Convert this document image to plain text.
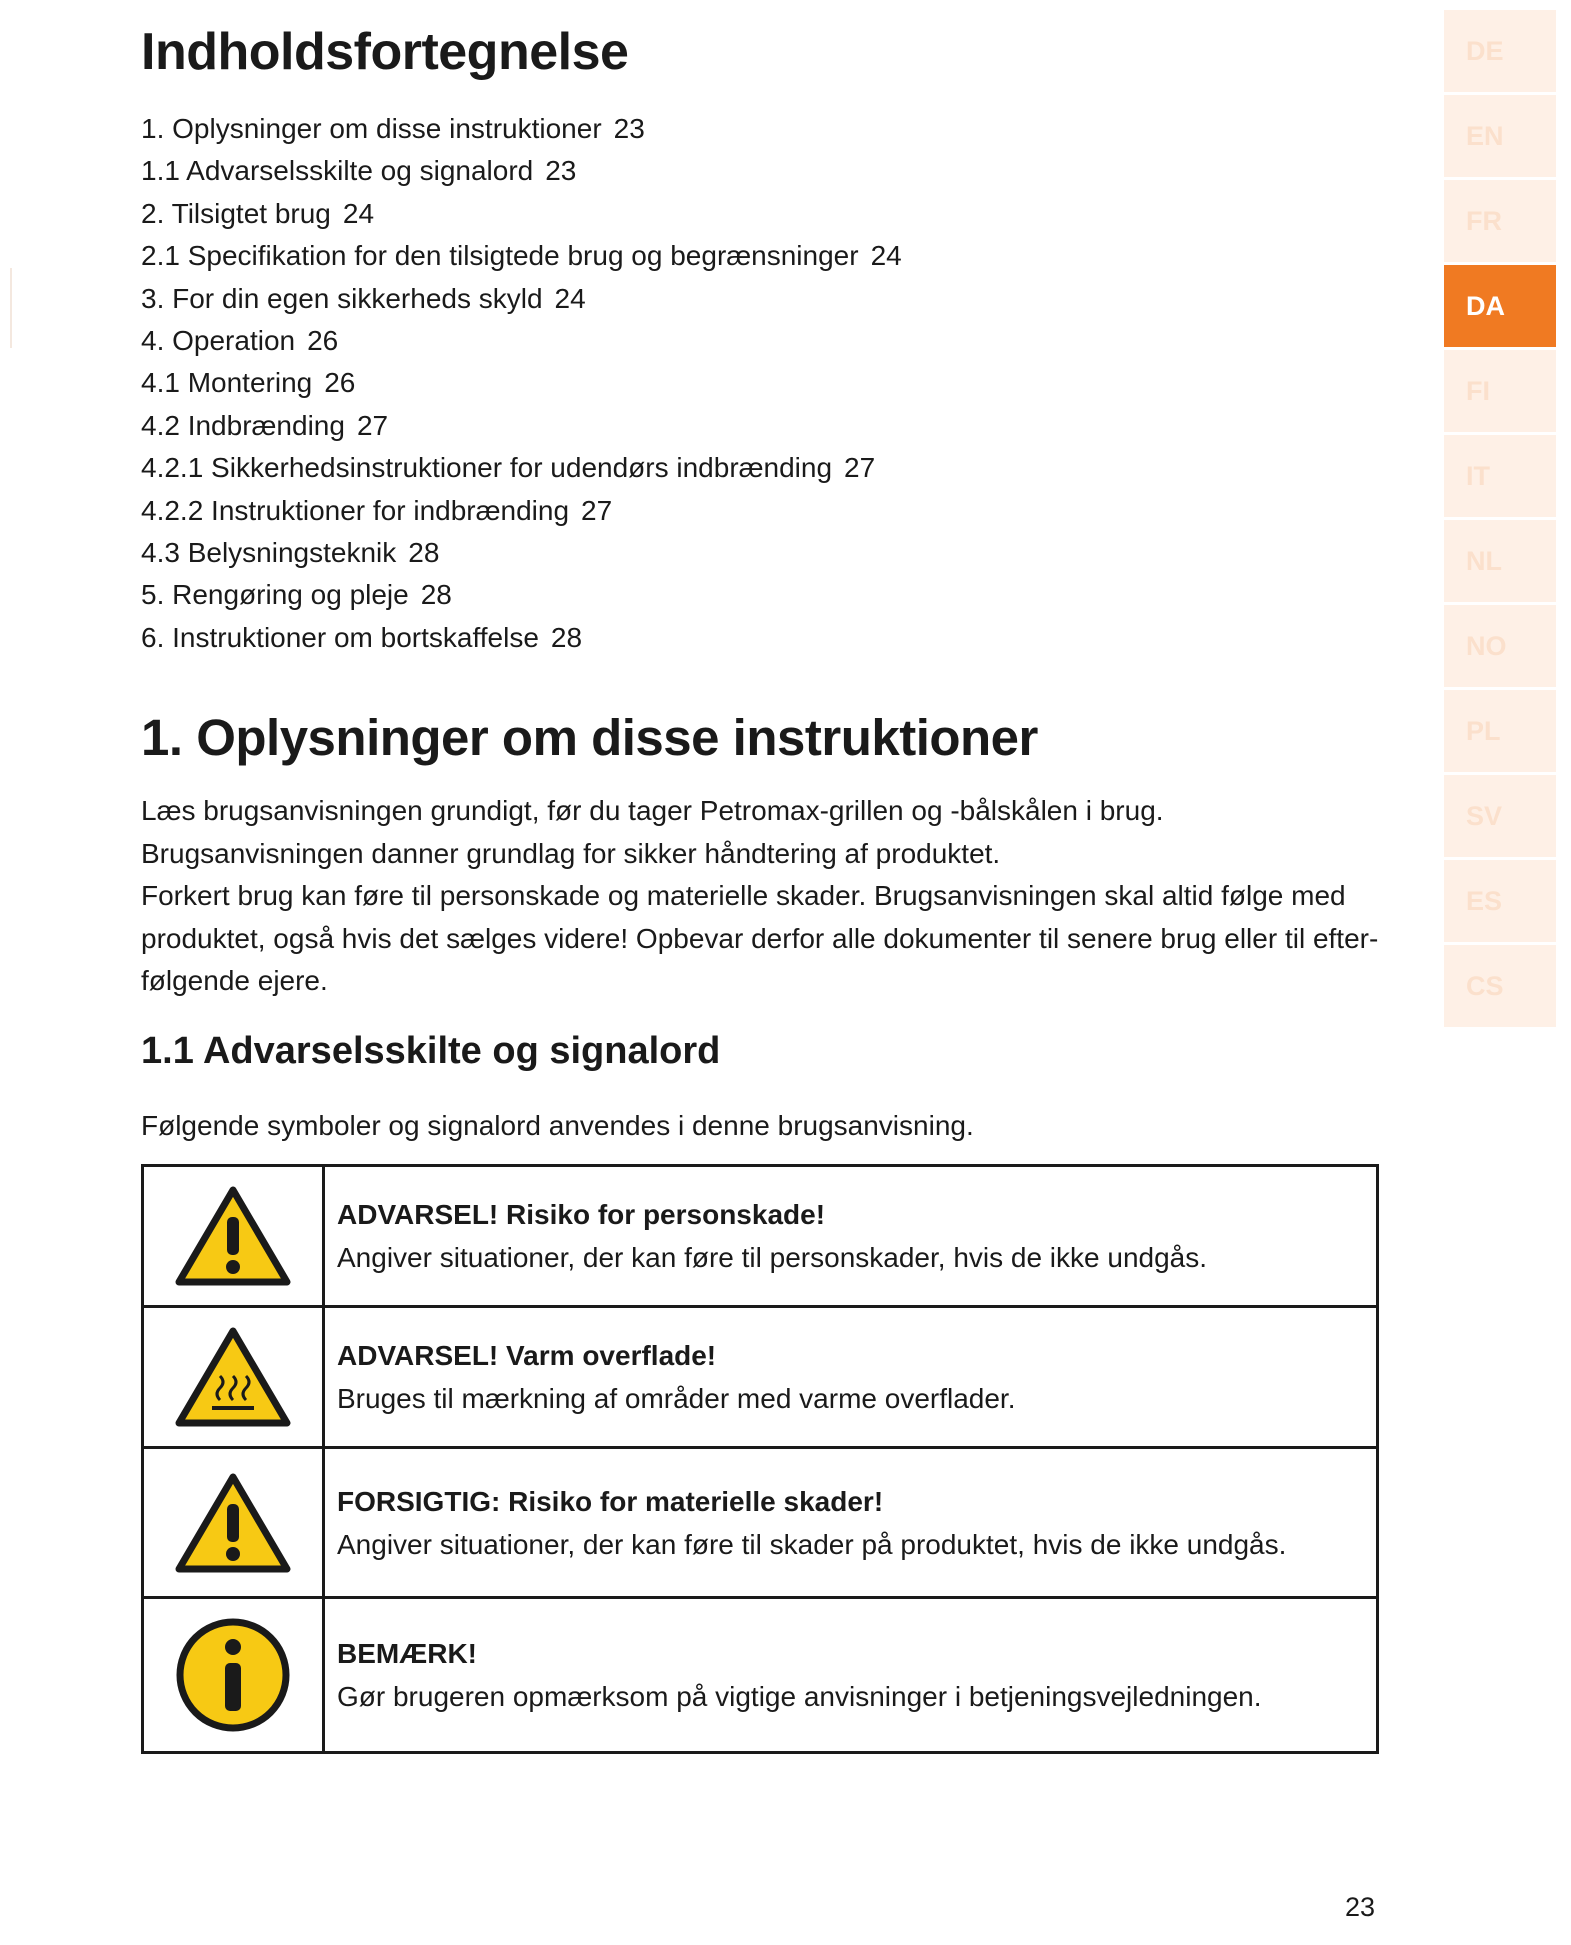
Indholdsfortegnelse
1. Oplysninger om disse instruktioner 23
1.1 Advarselsskilte og signalord 23
2. Tilsigtet brug 24
2.1 Specifikation for den tilsigtede brug og begrænsninger 24
3. For din egen sikkerheds skyld 24
4. Operation 26
4.1 Montering 26
4.2 Indbrænding 27
4.2.1 Sikkerhedsinstruktioner for udendørs indbrænding 27
4.2.2 Instruktioner for indbrænding 27
4.3 Belysningsteknik 28
5. Rengøring og pleje 28
6. Instruktioner om bortskaffelse 28
1. Oplysninger om disse instruktioner

Læs brugsanvisningen grundigt, før du tager Petromax-grillen og -bålskålen i brug. Brugsanvisningen danner grundlag for sikker håndtering af produktet.

Forkert brug kan føre til personskade og materielle skader. Brugsanvisningen skal altid følge med produktet, også hvis det sælges videre! Opbevar derfor alle dokumenter til senere brug eller til efter-følgende ejere.

1.1 Advarselsskilte og signalord

Følgende symboler og signalord anvendes i denne brugsanvisning.

ADVARSEL! Risiko for personskade!
Angiver situationer, der kan føre til personskader, hvis de ikke undgås.

ADVARSEL! Varm overflade!
Bruges til mærkning af områder med varme overflader.

FORSIGTIG: Risiko for materielle skader!
Angiver situationer, der kan føre til skader på produktet, hvis de ikke undgås.

BEMÆRK!
Gør brugeren opmærksom på vigtige anvisninger i betjeningsvejledningen.
23
DE
EN
FR
DA
FI
IT
NL
NO
PL
SV
ES
CS
